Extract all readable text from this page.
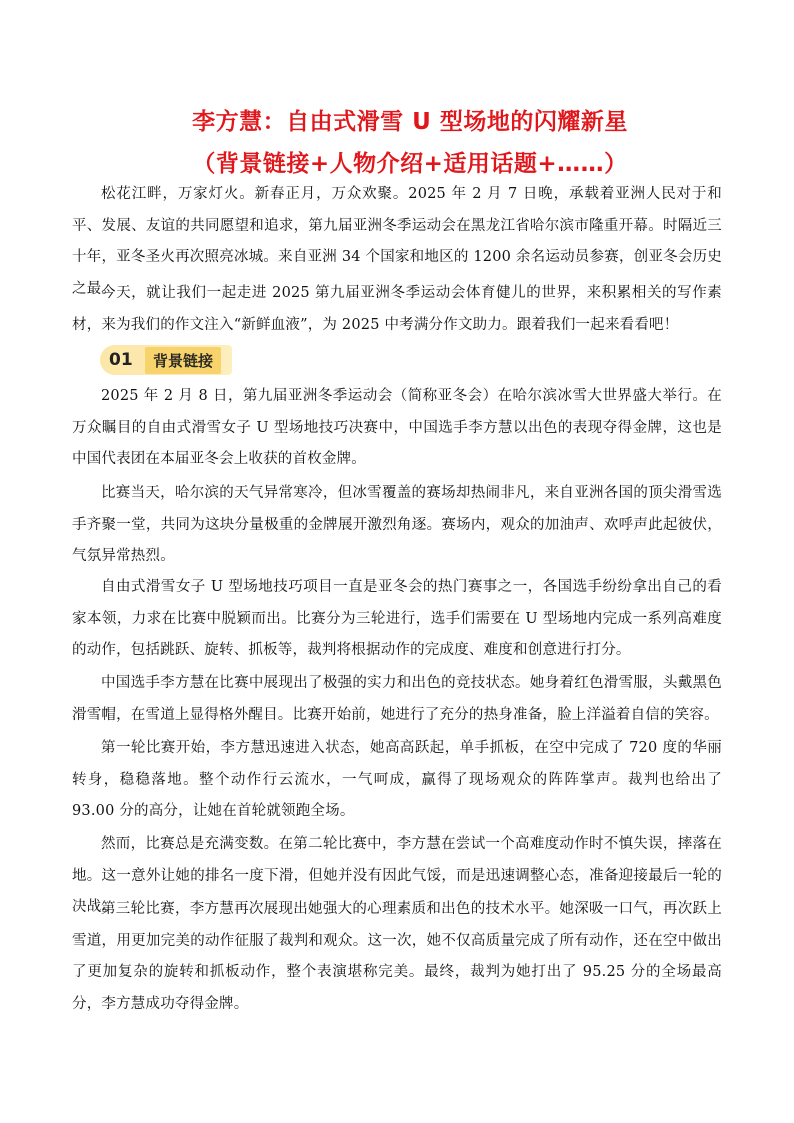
李方慧：自由式滑雪 U 型场地的闪耀新星
（背景链接+人物介绍+适用话题+……）
松花江畔，万家灯火。新春正月，万众欢聚。2025 年 2 月 7 日晚，承载着亚洲人民对于和平、发展、友谊的共同愿望和追求，第九届亚洲冬季运动会在黑龙江省哈尔滨市隆重开幕。时隔近三十年，亚冬圣火再次照亮冰城。来自亚洲 34 个国家和地区的 1200 余名运动员参赛，创亚冬会历史之最。
今天，就让我们一起走进 2025 第九届亚洲冬季运动会体育健儿的世界，来积累相关的写作素材，来为我们的作文注入“新鲜血液”，为 2025 中考满分作文助力。跟着我们一起来看看吧！
01	背景链接
2025 年 2 月 8 日，第九届亚洲冬季运动会（简称亚冬会）在哈尔滨冰雪大世界盛大举行。在万众瞩目的自由式滑雪女子 U 型场地技巧决赛中，中国选手李方慧以出色的表现夺得金牌，这也是中国代表团在本届亚冬会上收获的首枚金牌。
比赛当天，哈尔滨的天气异常寒冷，但冰雪覆盖的赛场却热闹非凡，来自亚洲各国的顶尖滑雪选手齐聚一堂，共同为这块分量极重的金牌展开激烈角逐。赛场内，观众的加油声、欢呼声此起彼伏，气氛异常热烈。
自由式滑雪女子 U 型场地技巧项目一直是亚冬会的热门赛事之一，各国选手纷纷拿出自己的看家本领，力求在比赛中脱颖而出。比赛分为三轮进行，选手们需要在 U 型场地内完成一系列高难度的动作，包括跳跃、旋转、抓板等，裁判将根据动作的完成度、难度和创意进行打分。
中国选手李方慧在比赛中展现出了极强的实力和出色的竞技状态。她身着红色滑雪服，头戴黑色滑雪帽，在雪道上显得格外醒目。比赛开始前，她进行了充分的热身准备，脸上洋溢着自信的笑容。
第一轮比赛开始，李方慧迅速进入状态，她高高跃起，单手抓板，在空中完成了 720 度的华丽转身，稳稳落地。整个动作行云流水，一气呵成，赢得了现场观众的阵阵掌声。裁判也给出了 93.00 分的高分，让她在首轮就领跑全场。
然而，比赛总是充满变数。在第二轮比赛中，李方慧在尝试一个高难度动作时不慎失误，摔落在地。这一意外让她的排名一度下滑，但她并没有因此气馁，而是迅速调整心态，准备迎接最后一轮的决战。
第三轮比赛，李方慧再次展现出她强大的心理素质和出色的技术水平。她深吸一口气，再次跃上雪道，用更加完美的动作征服了裁判和观众。这一次，她不仅高质量完成了所有动作，还在空中做出了更加复杂的旋转和抓板动作，整个表演堪称完美。最终，裁判为她打出了 95.25 分的全场最高分，李方慧成功夺得金牌。
